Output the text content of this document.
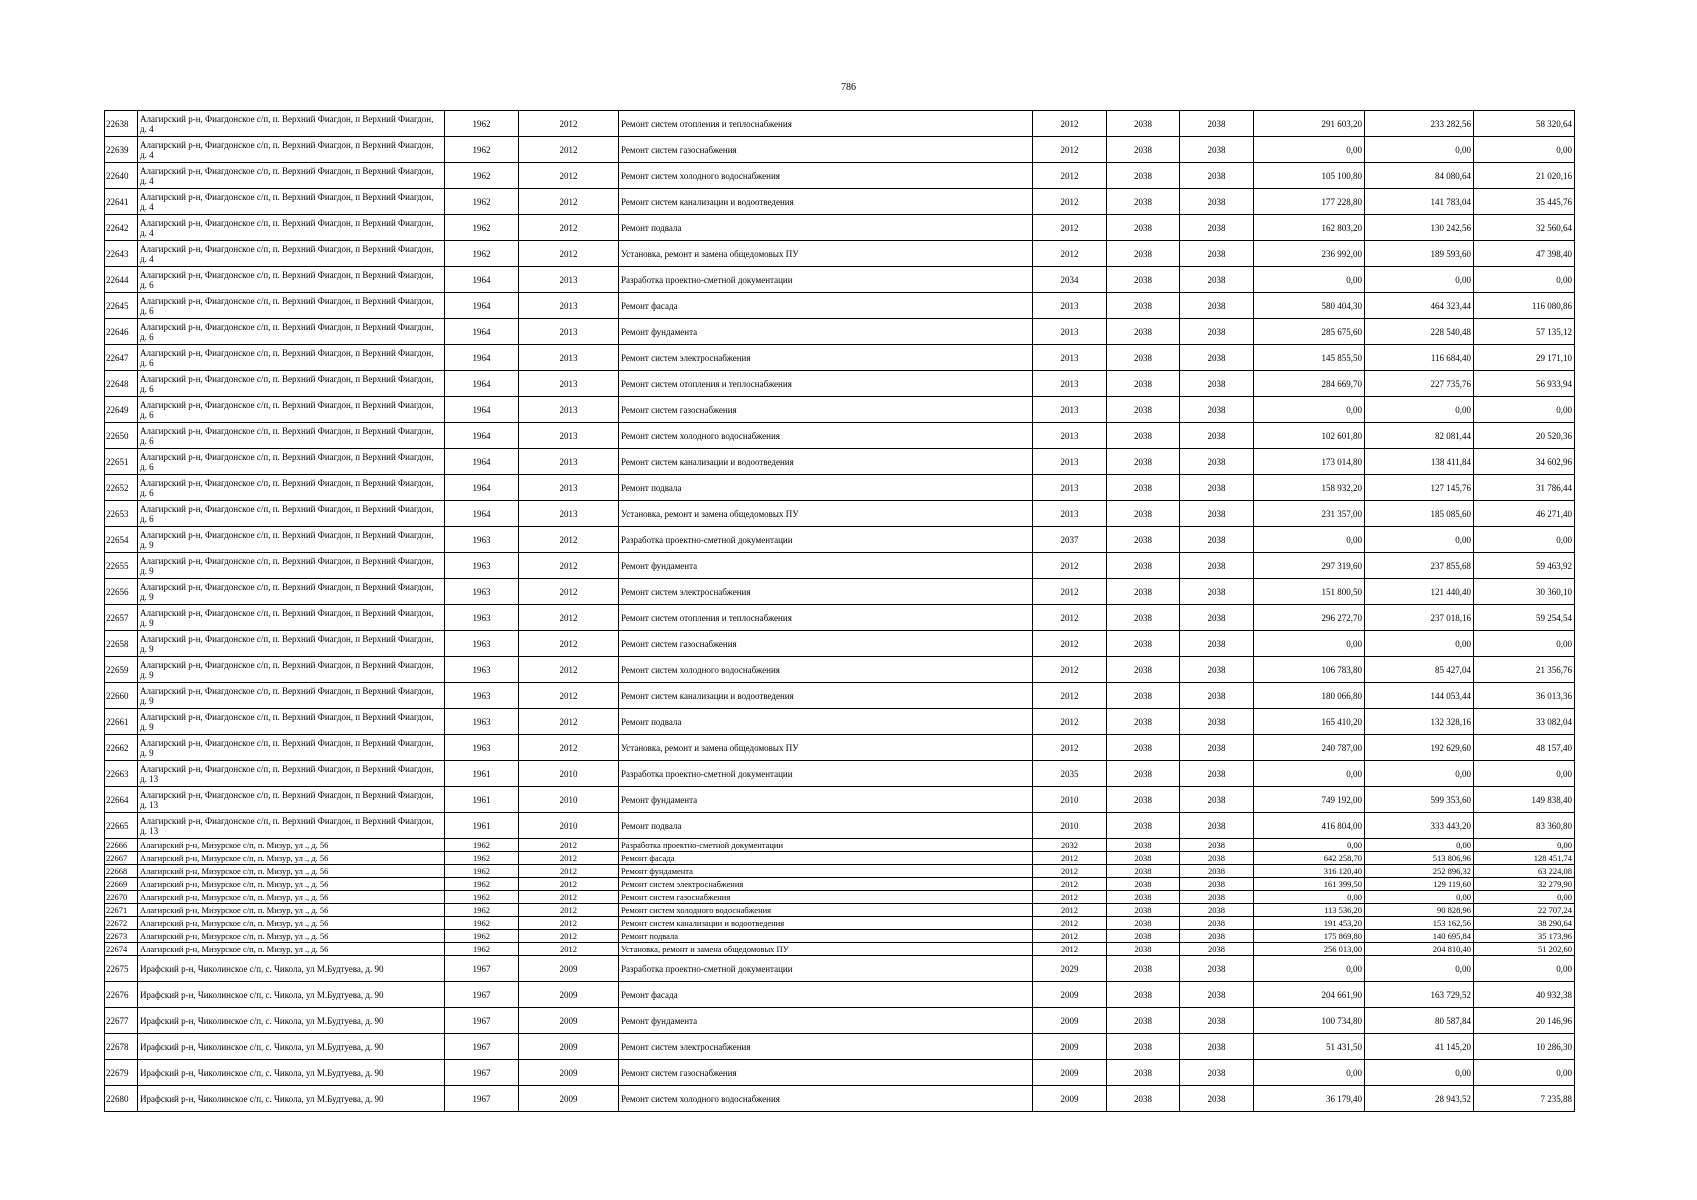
786
22638	Алагирский р-н, Фиагдонское с/п, п. Верхний Фиагдон, п Верхний Фиагдон, д. 4	1962	2012	Ремонт систем отопления и теплоснабжения	2012	2038	2038	291 603,20	233 282,56	58 320,64
22639	Алагирский р-н, Фиагдонское с/п, п. Верхний Фиагдон, п Верхний Фиагдон, д. 4	1962	2012	Ремонт систем газоснабжения	2012	2038	2038	0,00	0,00	0,00
22640	Алагирский р-н, Фиагдонское с/п, п. Верхний Фиагдон, п Верхний Фиагдон, д. 4	1962	2012	Ремонт систем холодного водоснабжения	2012	2038	2038	105 100,80	84 080,64	21 020,16
22641	Алагирский р-н, Фиагдонское с/п, п. Верхний Фиагдон, п Верхний Фиагдон, д. 4	1962	2012	Ремонт систем канализации и водоотведения	2012	2038	2038	177 228,80	141 783,04	35 445,76
22642	Алагирский р-н, Фиагдонское с/п, п. Верхний Фиагдон, п Верхний Фиагдон, д. 4	1962	2012	Ремонт подвала	2012	2038	2038	162 803,20	130 242,56	32 560,64
22643	Алагирский р-н, Фиагдонское с/п, п. Верхний Фиагдон, п Верхний Фиагдон, д. 4	1962	2012	Установка, ремонт и замена общедомовых ПУ	2012	2038	2038	236 992,00	189 593,60	47 398,40
22644	Алагирский р-н, Фиагдонское с/п, п. Верхний Фиагдон, п Верхний Фиагдон, д. 6	1964	2013	Разработка проектно-сметной документации	2034	2038	2038	0,00	0,00	0,00
22645	Алагирский р-н, Фиагдонское с/п, п. Верхний Фиагдон, п Верхний Фиагдон, д. 6	1964	2013	Ремонт фасада	2013	2038	2038	580 404,30	464 323,44	116 080,86
22646	Алагирский р-н, Фиагдонское с/п, п. Верхний Фиагдон, п Верхний Фиагдон, д. 6	1964	2013	Ремонт фундамента	2013	2038	2038	285 675,60	228 540,48	57 135,12
22647	Алагирский р-н, Фиагдонское с/п, п. Верхний Фиагдон, п Верхний Фиагдон, д. 6	1964	2013	Ремонт систем электроснабжения	2013	2038	2038	145 855,50	116 684,40	29 171,10
22648	Алагирский р-н, Фиагдонское с/п, п. Верхний Фиагдон, п Верхний Фиагдон, д. 6	1964	2013	Ремонт систем отопления и теплоснабжения	2013	2038	2038	284 669,70	227 735,76	56 933,94
22649	Алагирский р-н, Фиагдонское с/п, п. Верхний Фиагдон, п Верхний Фиагдон, д. 6	1964	2013	Ремонт систем газоснабжения	2013	2038	2038	0,00	0,00	0,00
22650	Алагирский р-н, Фиагдонское с/п, п. Верхний Фиагдон, п Верхний Фиагдон, д. 6	1964	2013	Ремонт систем холодного водоснабжения	2013	2038	2038	102 601,80	82 081,44	20 520,36
22651	Алагирский р-н, Фиагдонское с/п, п. Верхний Фиагдон, п Верхний Фиагдон, д. 6	1964	2013	Ремонт систем канализации и водоотведения	2013	2038	2038	173 014,80	138 411,84	34 602,96
22652	Алагирский р-н, Фиагдонское с/п, п. Верхний Фиагдон, п Верхний Фиагдон, д. 6	1964	2013	Ремонт подвала	2013	2038	2038	158 932,20	127 145,76	31 786,44
22653	Алагирский р-н, Фиагдонское с/п, п. Верхний Фиагдон, п Верхний Фиагдон, д. 6	1964	2013	Установка, ремонт и замена общедомовых ПУ	2013	2038	2038	231 357,00	185 085,60	46 271,40
22654	Алагирский р-н, Фиагдонское с/п, п. Верхний Фиагдон, п Верхний Фиагдон, д. 9	1963	2012	Разработка проектно-сметной документации	2037	2038	2038	0,00	0,00	0,00
22655	Алагирский р-н, Фиагдонское с/п, п. Верхний Фиагдон, п Верхний Фиагдон, д. 9	1963	2012	Ремонт фундамента	2012	2038	2038	297 319,60	237 855,68	59 463,92
22656	Алагирский р-н, Фиагдонское с/п, п. Верхний Фиагдон, п Верхний Фиагдон, д. 9	1963	2012	Ремонт систем электроснабжения	2012	2038	2038	151 800,50	121 440,40	30 360,10
22657	Алагирский р-н, Фиагдонское с/п, п. Верхний Фиагдон, п Верхний Фиагдон, д. 9	1963	2012	Ремонт систем отопления и теплоснабжения	2012	2038	2038	296 272,70	237 018,16	59 254,54
22658	Алагирский р-н, Фиагдонское с/п, п. Верхний Фиагдон, п Верхний Фиагдон, д. 9	1963	2012	Ремонт систем газоснабжения	2012	2038	2038	0,00	0,00	0,00
22659	Алагирский р-н, Фиагдонское с/п, п. Верхний Фиагдон, п Верхний Фиагдон, д. 9	1963	2012	Ремонт систем холодного водоснабжения	2012	2038	2038	106 783,80	85 427,04	21 356,76
22660	Алагирский р-н, Фиагдонское с/п, п. Верхний Фиагдон, п Верхний Фиагдон, д. 9	1963	2012	Ремонт систем канализации и водоотведения	2012	2038	2038	180 066,80	144 053,44	36 013,36
22661	Алагирский р-н, Фиагдонское с/п, п. Верхний Фиагдон, п Верхний Фиагдон, д. 9	1963	2012	Ремонт подвала	2012	2038	2038	165 410,20	132 328,16	33 082,04
22662	Алагирский р-н, Фиагдонское с/п, п. Верхний Фиагдон, п Верхний Фиагдон, д. 9	1963	2012	Установка, ремонт и замена общедомовых ПУ	2012	2038	2038	240 787,00	192 629,60	48 157,40
22663	Алагирский р-н, Фиагдонское с/п, п. Верхний Фиагдон, п Верхний Фиагдон, д. 13	1961	2010	Разработка проектно-сметной документации	2035	2038	2038	0,00	0,00	0,00
22664	Алагирский р-н, Фиагдонское с/п, п. Верхний Фиагдон, п Верхний Фиагдон, д. 13	1961	2010	Ремонт фундамента	2010	2038	2038	749 192,00	599 353,60	149 838,40
22665	Алагирский р-н, Фиагдонское с/п, п. Верхний Фиагдон, п Верхний Фиагдон, д. 13	1961	2010	Ремонт подвала	2010	2038	2038	416 804,00	333 443,20	83 360,80
22666	Алагирский р-н, Мизурское с/п, п. Мизур, ул ., д. 56	1962	2012	Разработка проектно-сметной документации	2032	2038	2038	0,00	0,00	0,00
22667	Алагирский р-н, Мизурское с/п, п. Мизур, ул ., д. 56	1962	2012	Ремонт фасада	2012	2038	2038	642 258,70	513 806,96	128 451,74
22668	Алагирский р-н, Мизурское с/п, п. Мизур, ул ., д. 56	1962	2012	Ремонт фундамента	2012	2038	2038	316 120,40	252 896,32	63 224,08
22669	Алагирский р-н, Мизурское с/п, п. Мизур, ул ., д. 56	1962	2012	Ремонт систем электроснабжения	2012	2038	2038	161 399,50	129 119,60	32 279,90
22670	Алагирский р-н, Мизурское с/п, п. Мизур, ул ., д. 56	1962	2012	Ремонт систем газоснабжения	2012	2038	2038	0,00	0,00	0,00
22671	Алагирский р-н, Мизурское с/п, п. Мизур, ул ., д. 56	1962	2012	Ремонт систем холодного водоснабжения	2012	2038	2038	113 536,20	90 828,96	22 707,24
22672	Алагирский р-н, Мизурское с/п, п. Мизур, ул ., д. 56	1962	2012	Ремонт систем канализации и водоотведения	2012	2038	2038	191 453,20	153 162,56	38 290,64
22673	Алагирский р-н, Мизурское с/п, п. Мизур, ул ., д. 56	1962	2012	Ремонт подвала	2012	2038	2038	175 869,80	140 695,84	35 173,96
22674	Алагирский р-н, Мизурское с/п, п. Мизур, ул ., д. 56	1962	2012	Установка, ремонт и замена общедомовых ПУ	2012	2038	2038	256 013,00	204 810,40	51 202,60
22675	Ирафский р-н, Чиколинское с/п, с. Чикола, ул М.Будтуева, д. 90	1967	2009	Разработка проектно-сметной документации	2029	2038	2038	0,00	0,00	0,00
22676	Ирафский р-н, Чиколинское с/п, с. Чикола, ул М.Будтуева, д. 90	1967	2009	Ремонт фасада	2009	2038	2038	204 661,90	163 729,52	40 932,38
22677	Ирафский р-н, Чиколинское с/п, с. Чикола, ул М.Будтуева, д. 90	1967	2009	Ремонт фундамента	2009	2038	2038	100 734,80	80 587,84	20 146,96
22678	Ирафский р-н, Чиколинское с/п, с. Чикола, ул М.Будтуева, д. 90	1967	2009	Ремонт систем электроснабжения	2009	2038	2038	51 431,50	41 145,20	10 286,30
22679	Ирафский р-н, Чиколинское с/п, с. Чикола, ул М.Будтуева, д. 90	1967	2009	Ремонт систем газоснабжения	2009	2038	2038	0,00	0,00	0,00
22680	Ирафский р-н, Чиколинское с/п, с. Чикола, ул М.Будтуева, д. 90	1967	2009	Ремонт систем холодного водоснабжения	2009	2038	2038	36 179,40	28 943,52	7 235,88
